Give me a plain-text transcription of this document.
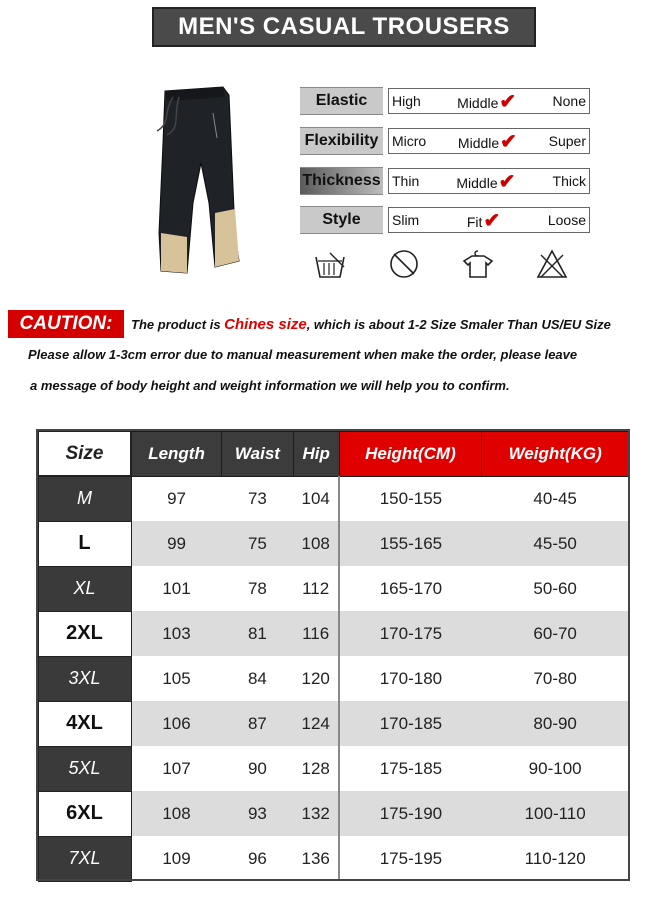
MEN'S CASUAL TROUSERS
Elastic High	Middle✔	None
Flexibility Micro Middle✔ Super
Thickness Thin	Middle✔	Thick
Style Slim	Fit✔	Loose
CAUTION: The product is Chines size, which is about 1-2 Size Smaler Than US/EU Size
Please allow 1-3cm error due to manual measurement when make the order, please leave
a message of body height and weight information we will help you to confirm.
Size	Length	Waist	Hip	Height(CM)	Weight(KG)
M	97	73	104	150-155	40-45
L	99	75	108	155-165	45-50
XL	101	78	112	165-170	50-60
2XL	103	81	116	170-175	60-70
3XL	105	84	120	170-180	70-80
4XL	106	87	124	170-185	80-90
5XL	107	90	128	175-185	90-100
6XL	108	93	132	175-190	100-110
7XL	109	96	136	175-195	110-120
